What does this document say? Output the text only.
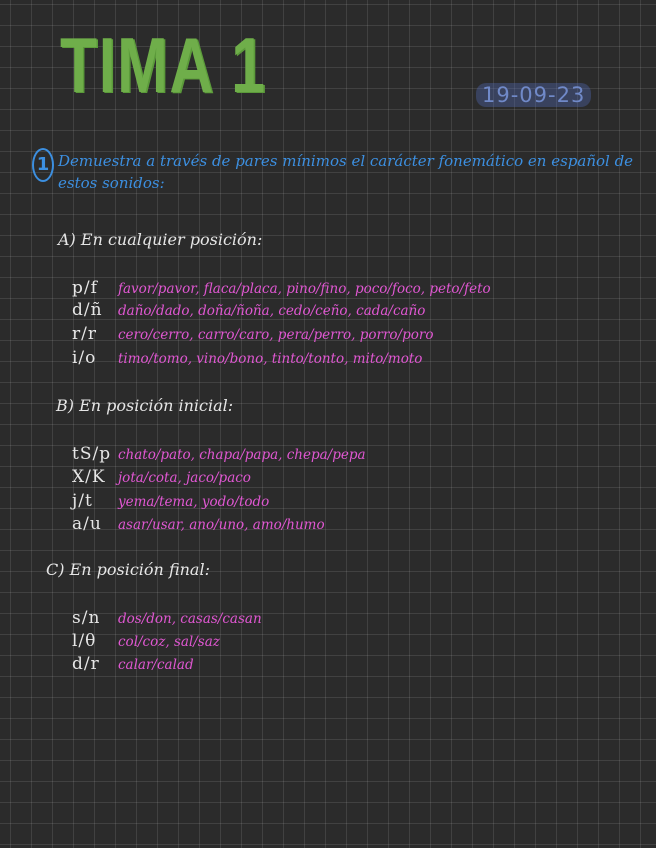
TIMA 1	19-09-23
1 Demuestra a través de pares mínimos el carácter fonemático en español de estos sonidos:
A) En cualquier posición:
p/f favor/pavor, flaca/placa, pino/fino, poco/foco, peto/feto
d/ñ daño/dado, doña/ñoña, cedo/ceño, cada/caño
r/r cero/cerro, carro/caro, pera/perro, porro/poro
i/o timo/tomo, vino/bono, tinto/tonto, mito/moto
B) En posición inicial:
tS/p chato/pato, chapa/papa, chepa/pepa
X/K jota/cota, jaco/paco
j/t yema/tema, yodo/todo
a/u asar/usar, ano/uno, amo/humo
C) En posición final:
s/n dos/don, casas/casan
l/θ col/coz, sal/saz
d/r calar/calad
